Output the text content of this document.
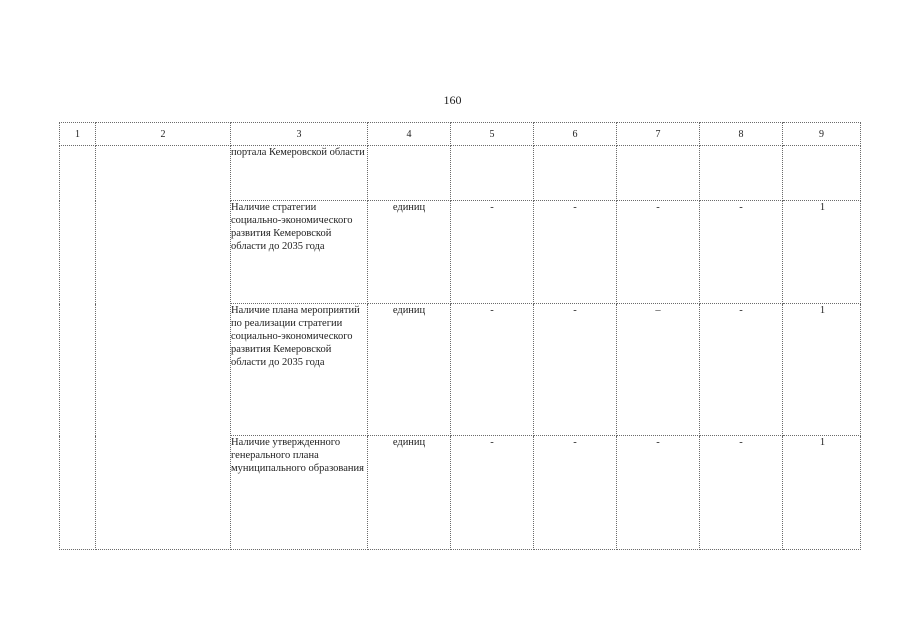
160
1	2	3	4	5	6	7	8	9
		портала Кемеровской области						
		Наличие стратегии социально-экономического развития Кемеровской области до 2035 года	единиц	-	-	-	-	1
		Наличие плана мероприятий по реализации стратегии социально-экономического развития Кемеровской области до 2035 года	единиц	-	-	–	-	1
		Наличие утвержденного генерального плана муниципального образования	единиц	-	-	-	-	1
